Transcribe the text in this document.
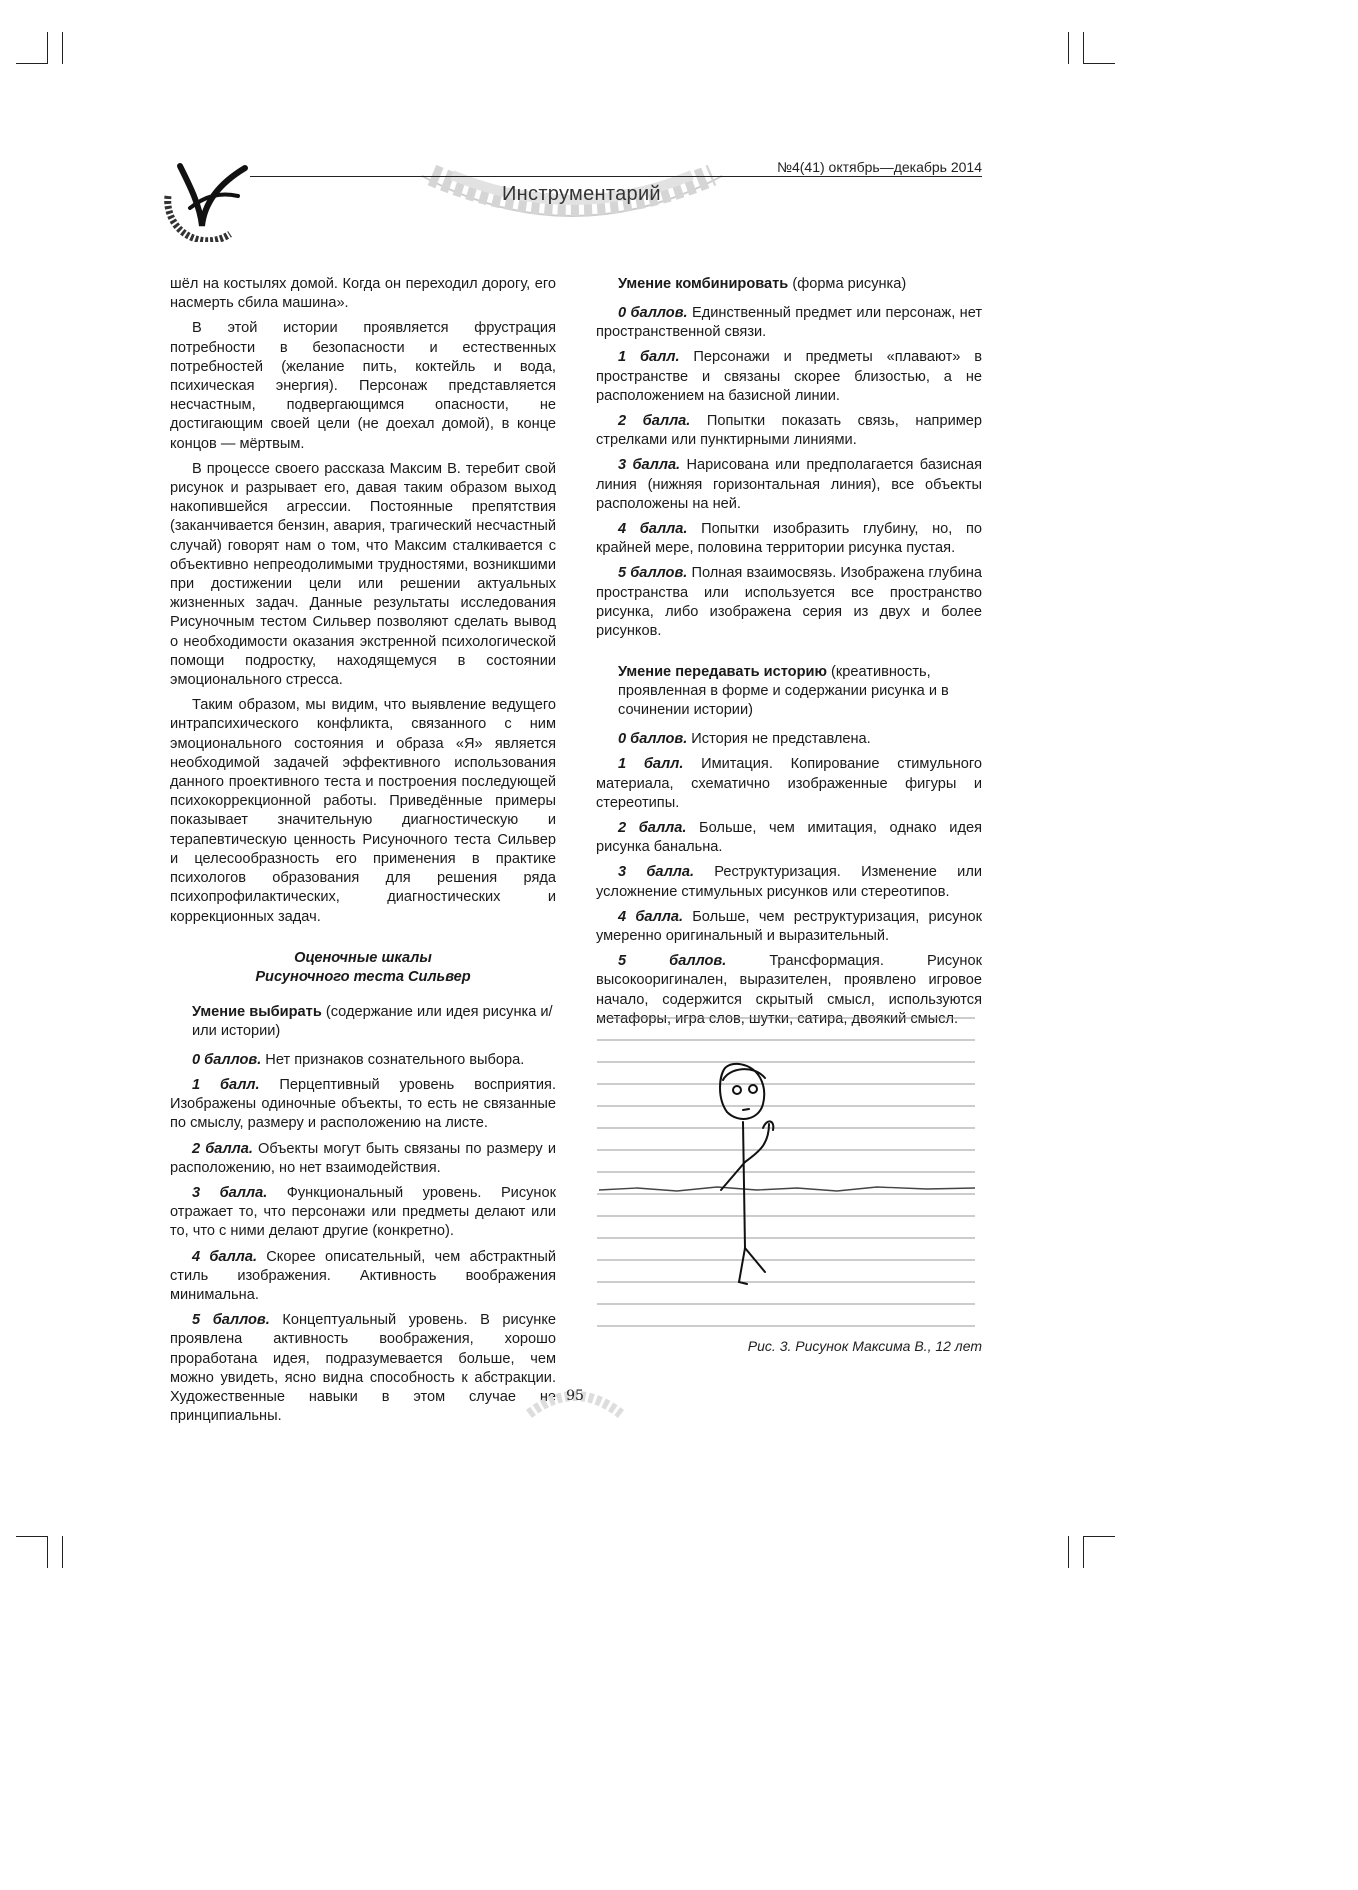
№4(41) октябрь—декабрь 2014
Инструментарий

шёл на костылях домой. Когда он переходил дорогу, его насмерть сбила машина».

В этой истории проявляется фрустрация потребности в безопасности и естественных потребностей (желание пить, коктейль и вода, психическая энергия). Персонаж представляется несчастным, подвергающимся опасности, не достигающим своей цели (не доехал домой), в конце концов — мёртвым.

В процессе своего рассказа Максим В. теребит свой рисунок и разрывает его, давая таким образом выход накопившейся агрессии. Постоянные препятствия (заканчивается бензин, авария, трагический несчастный случай) говорят нам о том, что Максим сталкивается с объективно непреодолимыми трудностями, возникшими при достижении цели или решении актуальных жизненных задач. Данные результаты исследования Рисуночным тестом Сильвер позволяют сделать вывод о необходимости оказания экстренной психологической помощи подростку, находящемуся в состоянии эмоционального стресса.

Таким образом, мы видим, что выявление ведущего интрапсихического конфликта, связанного с ним эмоционального состояния и образа «Я» является необходимой задачей эффективного использования данного проективного теста и построения последующей психокоррекционной работы. Приведённые примеры показывает значительную диагностическую и терапевтическую ценность Рисуночного теста Сильвер и целесообразность его применения в практике психологов образования для решения ряда психопрофилактических, диагностических и коррекционных задач.

Оценочные шкалы
Рисуночного теста Сильвер
Умение выбирать (содержание или идея рисунка и/или истории)

0 баллов. Нет признаков сознательного выбора.

1 балл. Перцептивный уровень восприятия. Изображены одиночные объекты, то есть не связанные по смыслу, размеру и расположению на листе.

2 балла. Объекты могут быть связаны по размеру и расположению, но нет взаимодействия.

3 балла. Функциональный уровень. Рисунок отражает то, что персонажи или предметы делают или то, что с ними делают другие (конкретно).

4 балла. Скорее описательный, чем абстрактный стиль изображения. Активность воображения минимальна.

5 баллов. Концептуальный уровень. В рисунке проявлена активность воображения, хорошо проработана идея, подразумевается больше, чем можно увидеть, ясно видна способность к абстракции. Художественные навыки в этом случае не принципиальны.

Умение комбинировать (форма рисунка)

0 баллов. Единственный предмет или персонаж, нет пространственной связи.

1 балл. Персонажи и предметы «плавают» в пространстве и связаны скорее близостью, а не расположением на базисной линии.

2 балла. Попытки показать связь, например стрелками или пунктирными линиями.

3 балла. Нарисована или предполагается базисная линия (нижняя горизонтальная линия), все объекты расположены на ней.

4 балла. Попытки изобразить глубину, но, по крайней мере, половина территории рисунка пустая.

5 баллов. Полная взаимосвязь. Изображена глубина пространства или используется все пространство рисунка, либо изображена серия из двух и более рисунков.

Умение передавать историю (креативность, проявленная в форме и содержании рисунка и в сочинении истории)

0 баллов. История не представлена.

1 балл. Имитация. Копирование стимульного материала, схематично изображенные фигуры и стереотипы.

2 балла. Больше, чем имитация, однако идея рисунка банальна.

3 балла. Реструктуризация. Изменение или усложнение стимульных рисунков или стереотипов.

4 балла. Больше, чем реструктуризация, рисунок умеренно оригинальный и выразительный.

5 баллов. Трансформация. Рисунок высокооригинален, выразителен, проявлено игровое начало, содержится скрытый смысл, используются метафоры, игра слов, шутки, сатира, двоякий смысл.

Рис. 3. Рисунок Максима В., 12 лет
95
